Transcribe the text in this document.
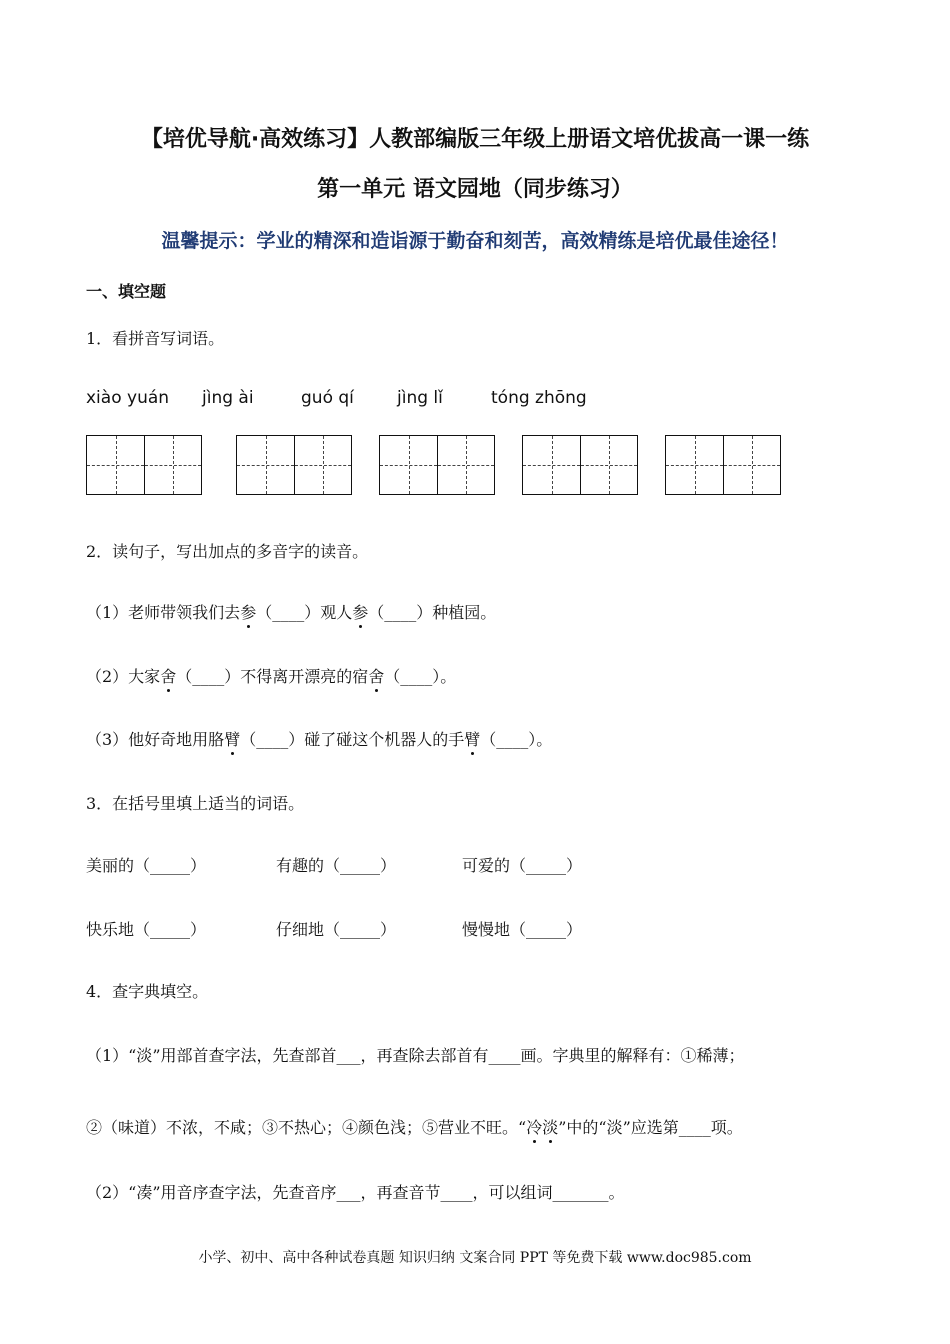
【培优导航·高效练习】人教部编版三年级上册语文培优拔高一课一练
第一单元 语文园地（同步练习）
温馨提示：学业的精深和造诣源于勤奋和刻苦，高效精练是培优最佳途径！
一、填空题
1．看拼音写词语。
xiào yuán jìng ài	guó qí	jìng lǐ	tóng zhōng
2．读句子，写出加点的多音字的读音。
（1）老师带领我们去参（____）观人参（____）种植园。
（2）大家舍（____）不得离开漂亮的宿舍（____）。
（3）他好奇地用胳臂（____）碰了碰这个机器人的手臂（____）。
3．在括号里填上适当的词语。
美丽的（_____）	有趣的（_____）	可爱的（_____）
快乐地（_____）	仔细地（_____）	慢慢地（_____）
4．查字典填空。
（1）“淡”用部首查字法，先查部首___，再查除去部首有____画。字典里的解释有：①稀薄；
②（味道）不浓，不咸；③不热心；④颜色浅；⑤营业不旺。“冷淡”中的“淡”应选第____项。
（2）“凑”用音序查字法，先查音序___，再查音节____，可以组词_______。
小学、初中、高中各种试卷真题 知识归纳 文案合同 PPT 等免费下载 www.doc985.com
